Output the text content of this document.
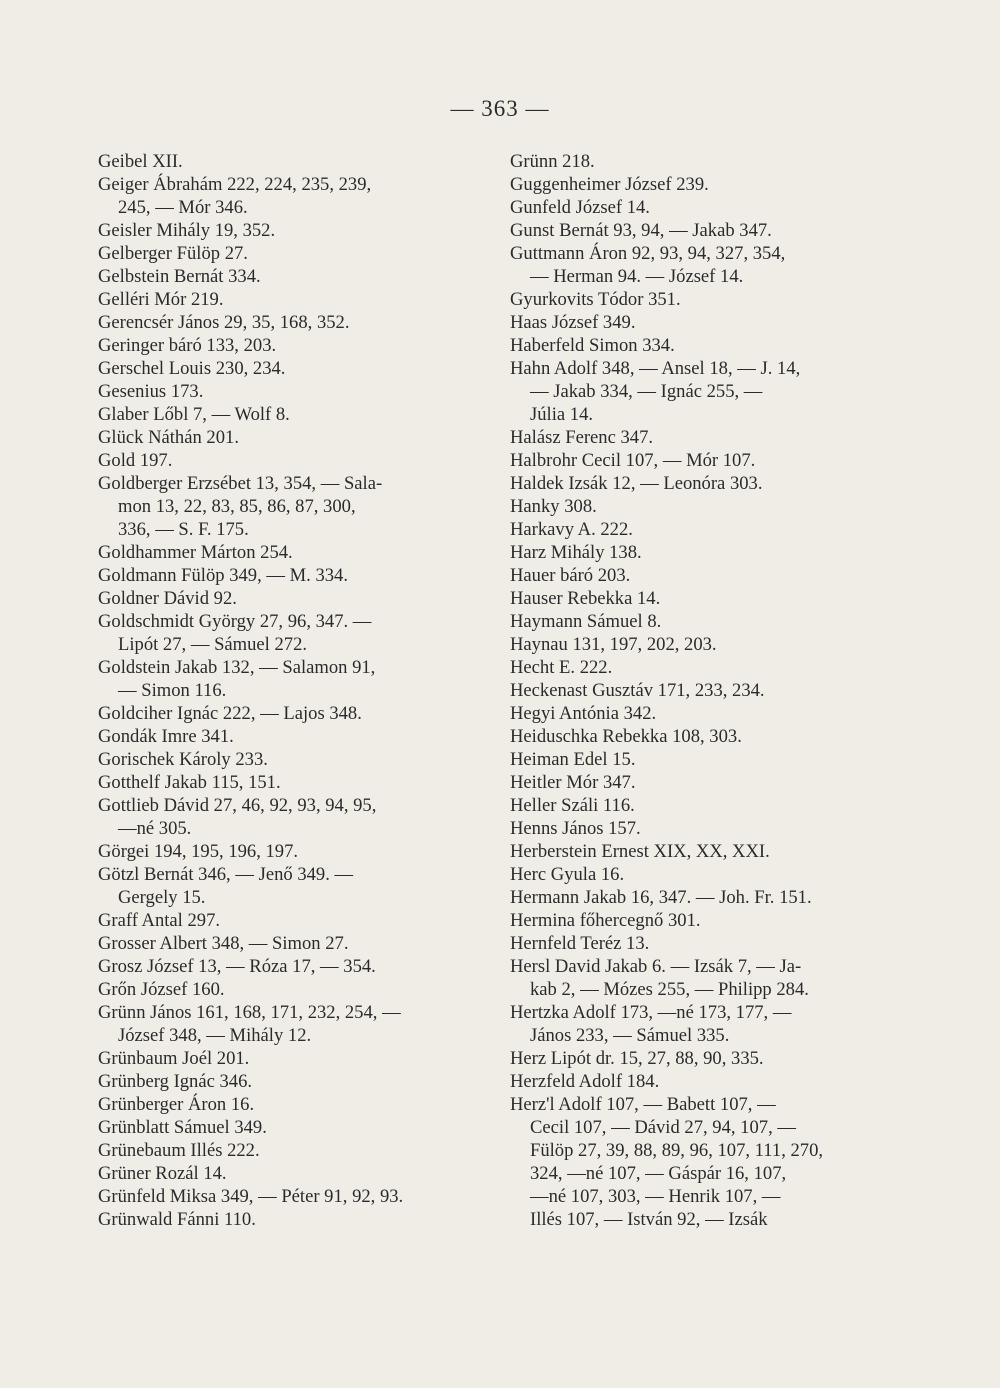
— 363 —
Geibel XII.
Geiger Ábrahám 222, 224, 235, 239,
245, — Mór 346.
Geisler Mihály 19, 352.
Gelberger Fülöp 27.
Gelbstein Bernát 334.
Gelléri Mór 219.
Gerencsér János 29, 35, 168, 352.
Geringer báró 133, 203.
Gerschel Louis 230, 234.
Gesenius 173.
Glaber Lőbl 7, — Wolf 8.
Glück Náthán 201.
Gold 197.
Goldberger Erzsébet 13, 354, — Sala-
mon 13, 22, 83, 85, 86, 87, 300,
336, — S. F. 175.
Goldhammer Márton 254.
Goldmann Fülöp 349, — M. 334.
Goldner Dávid 92.
Goldschmidt György 27, 96, 347. —
Lipót 27, — Sámuel 272.
Goldstein Jakab 132, — Salamon 91,
— Simon 116.
Goldciher Ignác 222, — Lajos 348.
Gondák Imre 341.
Gorischek Károly 233.
Gotthelf Jakab 115, 151.
Gottlieb Dávid 27, 46, 92, 93, 94, 95,
—né 305.
Görgei 194, 195, 196, 197.
Götzl Bernát 346, — Jenő 349. —
Gergely 15.
Graff Antal 297.
Grosser Albert 348, — Simon 27.
Grosz József 13, — Róza 17, — 354.
Grőn József 160.
Grünn János 161, 168, 171, 232, 254, —
József 348, — Mihály 12.
Grünbaum Joél 201.
Grünberg Ignác 346.
Grünberger Áron 16.
Grünblatt Sámuel 349.
Grünebaum Illés 222.
Grüner Rozál 14.
Grünfeld Miksa 349, — Péter 91, 92, 93.
Grünwald Fánni 110.
Grünn 218.
Guggenheimer József 239.
Gunfeld József 14.
Gunst Bernát 93, 94, — Jakab 347.
Guttmann Áron 92, 93, 94, 327, 354,
— Herman 94. — József 14.
Gyurkovits Tódor 351.
Haas József 349.
Haberfeld Simon 334.
Hahn Adolf 348, — Ansel 18, — J. 14,
— Jakab 334, — Ignác 255, —
Júlia 14.
Halász Ferenc 347.
Halbrohr Cecil 107, — Mór 107.
Haldek Izsák 12, — Leonóra 303.
Hanky 308.
Harkavy A. 222.
Harz Mihály 138.
Hauer báró 203.
Hauser Rebekka 14.
Haymann Sámuel 8.
Haynau 131, 197, 202, 203.
Hecht E. 222.
Heckenast Gusztáv 171, 233, 234.
Hegyi Antónia 342.
Heiduschka Rebekka 108, 303.
Heiman Edel 15.
Heitler Mór 347.
Heller Száli 116.
Henns János 157.
Herberstein Ernest XIX, XX, XXI.
Herc Gyula 16.
Hermann Jakab 16, 347. — Joh. Fr. 151.
Hermina főhercegnő 301.
Hernfeld Teréz 13.
Hersl David Jakab 6. — Izsák 7, — Ja-
kab 2, — Mózes 255, — Philipp 284.
Hertzka Adolf 173, —né 173, 177, —
János 233, — Sámuel 335.
Herz Lipót dr. 15, 27, 88, 90, 335.
Herzfeld Adolf 184.
Herz'l Adolf 107, — Babett 107, —
Cecil 107, — Dávid 27, 94, 107, —
Fülöp 27, 39, 88, 89, 96, 107, 111, 270,
324, —né 107, — Gáspár 16, 107,
—né 107, 303, — Henrik 107, —
Illés 107, — István 92, — Izsák
